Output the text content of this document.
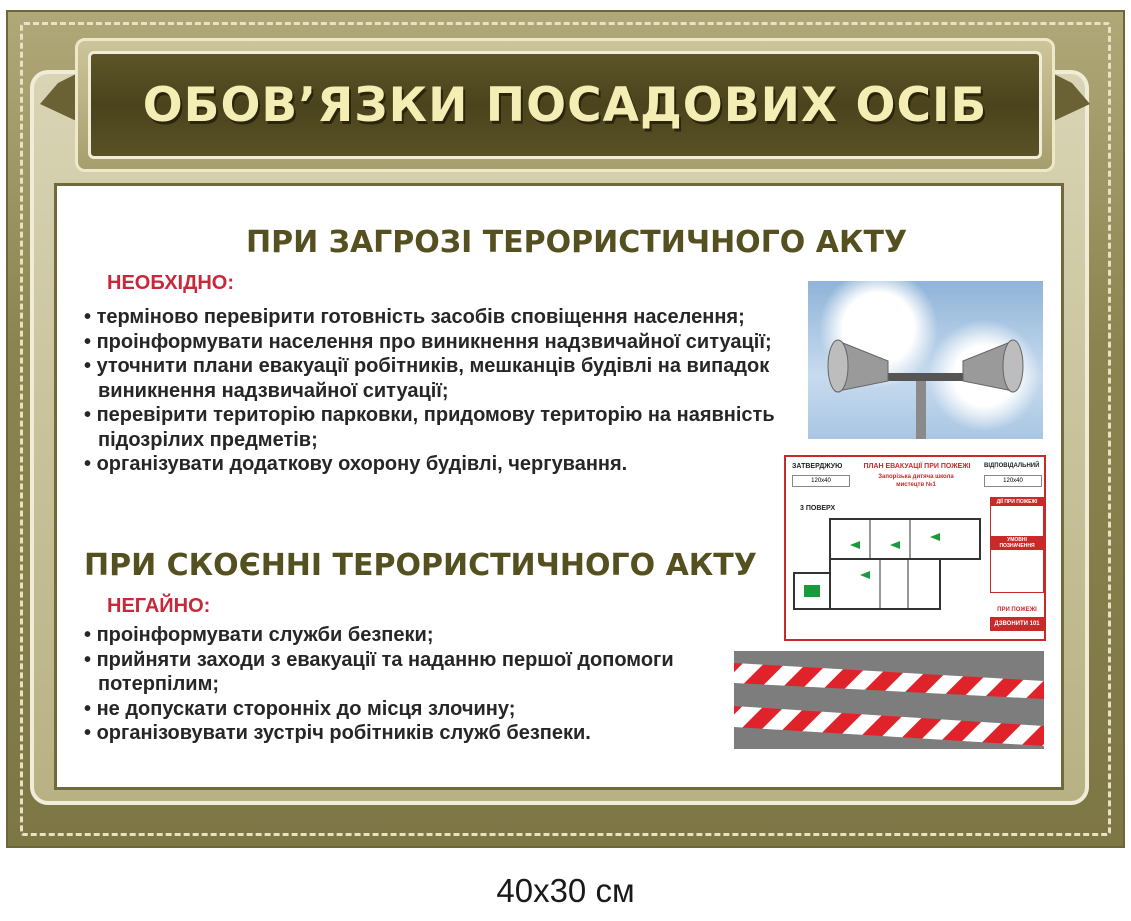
ОБОВ’ЯЗКИ ПОСАДОВИХ ОСІБ
ПРИ ЗАГРОЗІ ТЕРОРИСТИЧНОГО АКТУ
НЕОБХІДНО:
• терміново перевірити готовність засобів сповіщення населення;
• проінформувати населення про виникнення надзвичайної ситуації;
• уточнити плани евакуації робітників, мешканців будівлі на випадок виникнення надзвичайної ситуації;
• перевірити територію парковки, придомову територію на наявність підозрілих предметів;
• організувати додаткову охорону будівлі, чергування.
ПРИ СКОЄННІ ТЕРОРИСТИЧНОГО АКТУ
НЕГАЙНО:
• проінформувати служби безпеки;
• прийняти заходи з евакуації та наданню першої допомоги потерпілим;
• не допускати сторонніх до місця злочину;
• організовувати зустріч робітників служб безпеки.
ЗАТВЕРДЖУЮ
120x40
ПЛАН ЕВАКУАЦІЇ ПРИ ПОЖЕЖІ
Запорізька дитяча школа мистецтв №1
ВІДПОВІДАЛЬНИЙ
120x40
3 ПОВЕРХ
ДІЇ ПРИ ПОЖЕЖІ
УМОВНІ ПОЗНАЧЕННЯ
ПРИ ПОЖЕЖІ
ДЗВОНИТИ 101
40x30 см
